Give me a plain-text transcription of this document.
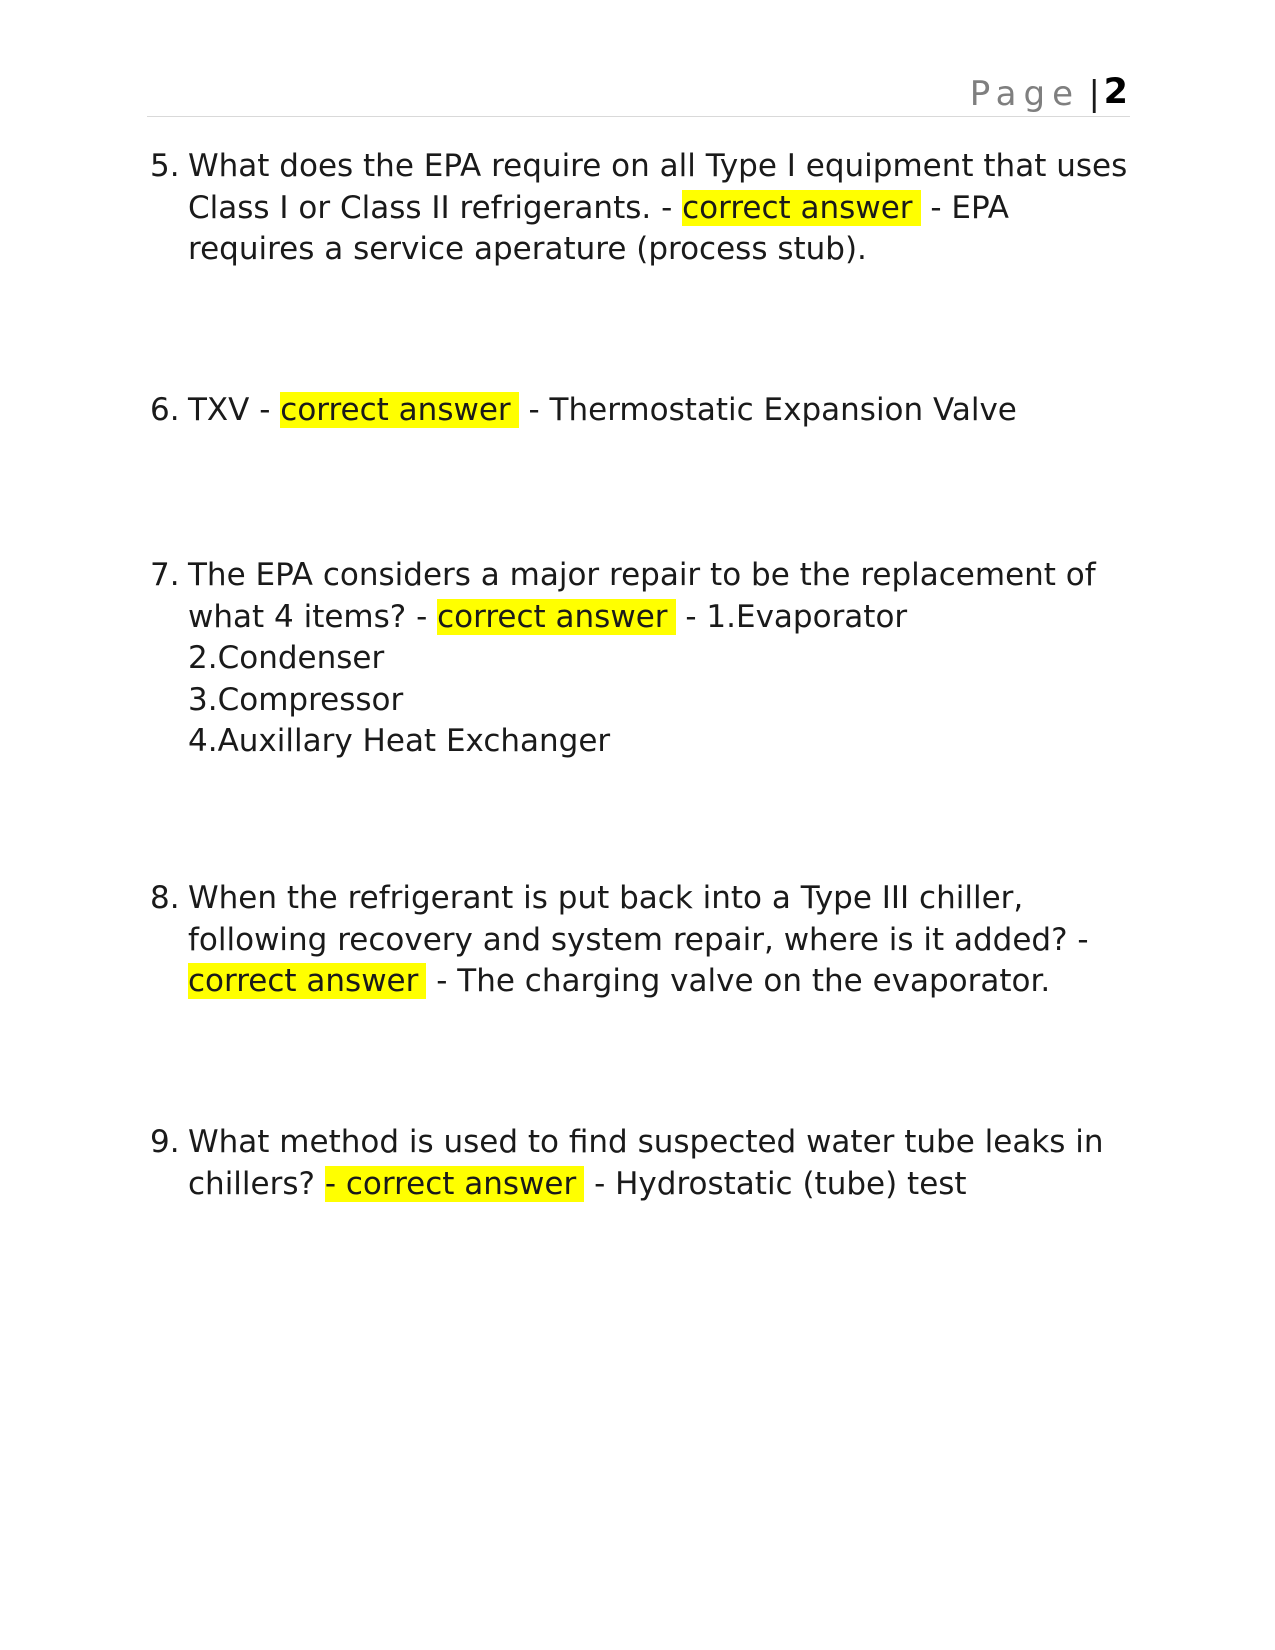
Page | 2
5. What does the EPA require on all Type I equipment that uses Class I or Class II refrigerants. - correct answer - EPA requires a service aperature (process stub).
6. TXV - correct answer - Thermostatic Expansion Valve
7. The EPA considers a major repair to be the replacement of what 4 items? - correct answer - 1.Evaporator
2.Condenser
3.Compressor
4.Auxillary Heat Exchanger
8. When the refrigerant is put back into a Type III chiller, following recovery and system repair, where is it added? - correct answer - The charging valve on the evaporator.
9. What method is used to find suspected water tube leaks in chillers? - correct answer - Hydrostatic (tube) test
